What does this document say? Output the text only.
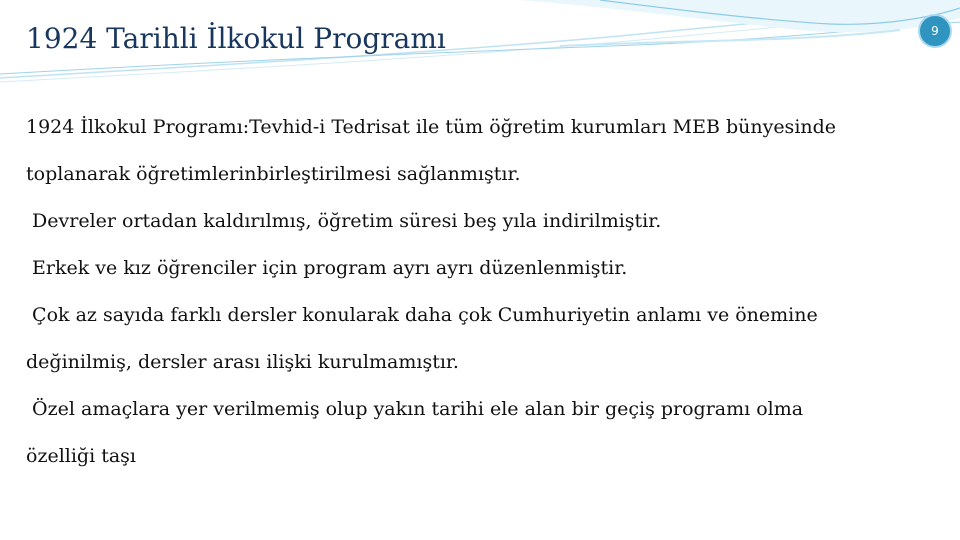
1924 Tarihli İlkokul Programı	9

1924 İlkokul Programı:Tevhid-i Tedrisat ile tüm öğretim kurumları MEB bünyesinde

toplanarak öğretimlerinbirleştirilmesi sağlanmıştır.

Devreler ortadan kaldırılmış, öğretim süresi beş yıla indirilmiştir.

Erkek ve kız öğrenciler için program ayrı ayrı düzenlenmiştir.

Çok az sayıda farklı dersler konularak daha çok Cumhuriyetin anlamı ve önemine

değinilmiş, dersler arası ilişki kurulmamıştır.

Özel amaçlara yer verilmemiş olup yakın tarihi ele alan bir geçiş programı olma

özelliği taşı
